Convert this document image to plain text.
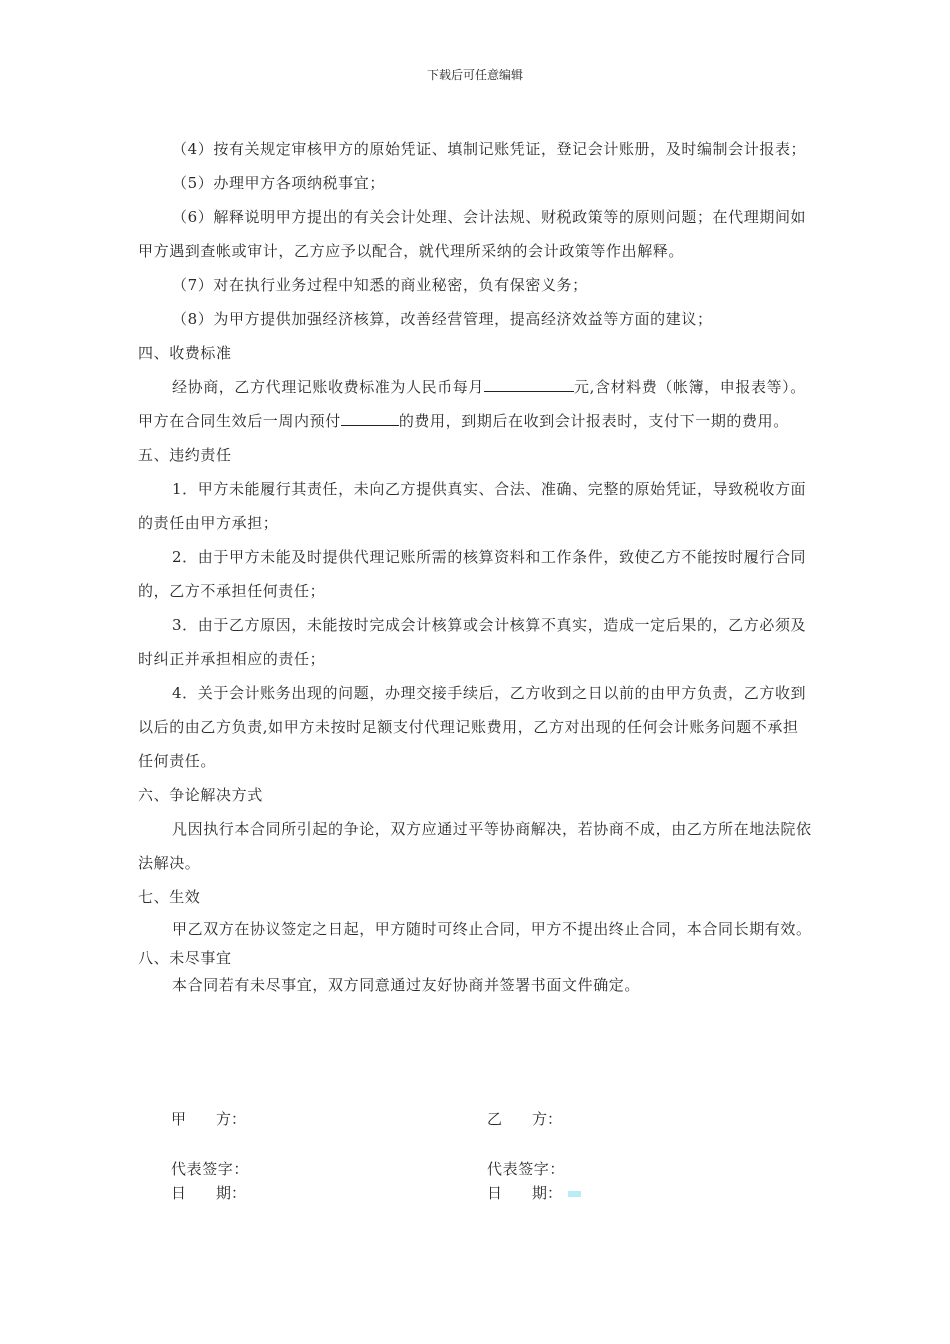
下载后可任意编辑

（4）按有关规定审核甲方的原始凭证、填制记账凭证，登记会计账册，及时编制会计报表；

（5）办理甲方各项纳税事宜；

（6）解释说明甲方提出的有关会计处理、会计法规、财税政策等的原则问题；在代理期间如甲方遇到查帐或审计，乙方应予以配合，就代理所采纳的会计政策等作出解释。

（7）对在执行业务过程中知悉的商业秘密，负有保密义务；

（8）为甲方提供加强经济核算，改善经营管理，提高经济效益等方面的建议；

四、收费标准

经协商，乙方代理记账收费标准为人民币每月	元,含材料费（帐簿，申报表等）。甲方在合同生效后一周内预付	的费用，到期后在收到会计报表时，支付下一期的费用。

五、违约责任

1．甲方未能履行其责任，未向乙方提供真实、合法、准确、完整的原始凭证，导致税收方面的责任由甲方承担；

2．由于甲方未能及时提供代理记账所需的核算资料和工作条件，致使乙方不能按时履行合同的，乙方不承担任何责任；

3．由于乙方原因，未能按时完成会计核算或会计核算不真实，造成一定后果的，乙方必须及时纠正并承担相应的责任；

4．关于会计账务出现的问题，办理交接手续后，乙方收到之日以前的由甲方负责，乙方收到以后的由乙方负责,如甲方未按时足额支付代理记账费用，乙方对出现的任何会计账务问题不承担任何责任。

六、争论解决方式

凡因执行本合同所引起的争论，双方应通过平等协商解决，若协商不成，由乙方所在地法院依法解决。

七、生效

甲乙双方在协议签定之日起，甲方随时可终止合同，甲方不提出终止合同，本合同长期有效。

八、未尽事宜

本合同若有未尽事宜，双方同意通过友好协商并签署书面文件确定。

甲　　方：	乙　　方：
代表签字：	代表签字：
日　　期：	日　　期：
